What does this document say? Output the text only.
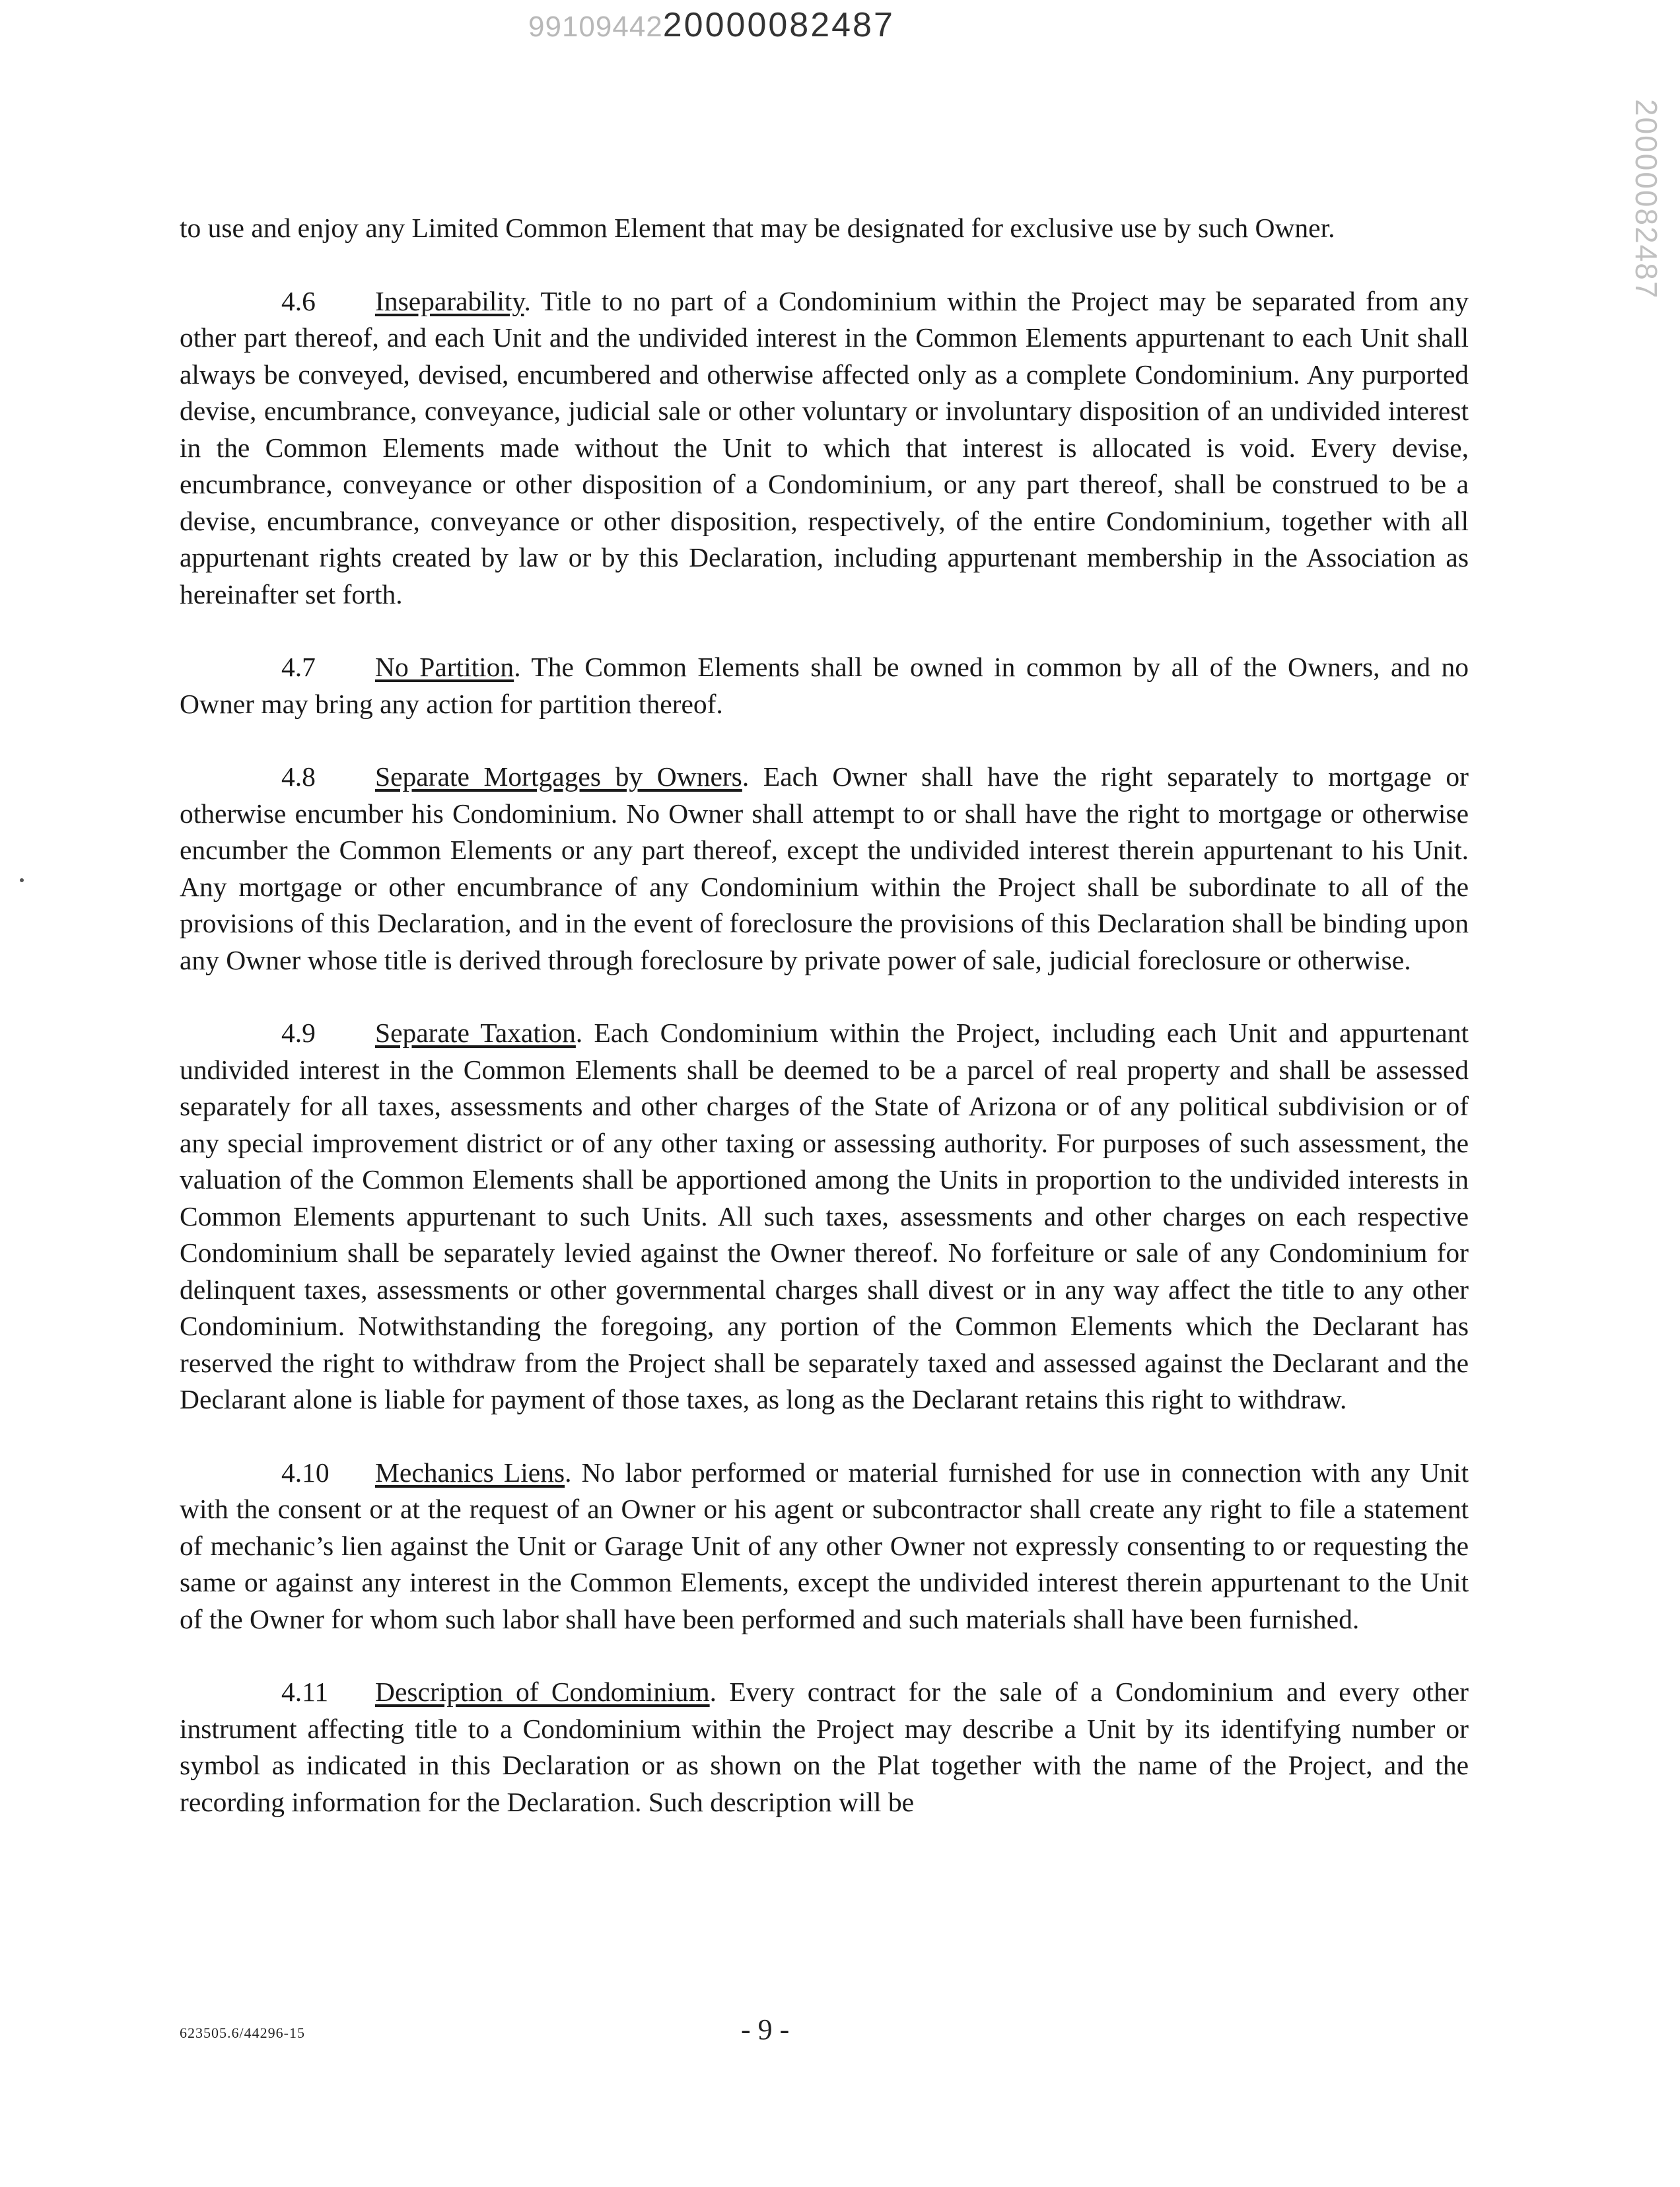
9910944220000082487
20000082487

to use and enjoy any Limited Common Element that may be designated for exclusive use by such Owner.

4.6 Inseparability. Title to no part of a Condominium within the Project may be separated from any other part thereof, and each Unit and the undivided interest in the Common Elements appurtenant to each Unit shall always be conveyed, devised, encumbered and otherwise affected only as a complete Condominium. Any purported devise, encumbrance, conveyance, judicial sale or other voluntary or involuntary disposition of an undivided interest in the Common Elements made without the Unit to which that interest is allocated is void. Every devise, encumbrance, conveyance or other disposition of a Condominium, or any part thereof, shall be construed to be a devise, encumbrance, conveyance or other disposition, respectively, of the entire Condominium, together with all appurtenant rights created by law or by this Declaration, including appurtenant membership in the Association as hereinafter set forth.

4.7 No Partition. The Common Elements shall be owned in common by all of the Owners, and no Owner may bring any action for partition thereof.

4.8 Separate Mortgages by Owners. Each Owner shall have the right separately to mortgage or otherwise encumber his Condominium. No Owner shall attempt to or shall have the right to mortgage or otherwise encumber the Common Elements or any part thereof, except the undivided interest therein appurtenant to his Unit. Any mortgage or other encumbrance of any Condominium within the Project shall be subordinate to all of the provisions of this Declaration, and in the event of foreclosure the provisions of this Declaration shall be binding upon any Owner whose title is derived through foreclosure by private power of sale, judicial foreclosure or otherwise.

4.9 Separate Taxation. Each Condominium within the Project, including each Unit and appurtenant undivided interest in the Common Elements shall be deemed to be a parcel of real property and shall be assessed separately for all taxes, assessments and other charges of the State of Arizona or of any political subdivision or of any special improvement district or of any other taxing or assessing authority. For purposes of such assessment, the valuation of the Common Elements shall be apportioned among the Units in proportion to the undivided interests in Common Elements appurtenant to such Units. All such taxes, assessments and other charges on each respective Condominium shall be separately levied against the Owner thereof. No forfeiture or sale of any Condominium for delinquent taxes, assessments or other governmental charges shall divest or in any way affect the title to any other Condominium. Notwithstanding the foregoing, any portion of the Common Elements which the Declarant has reserved the right to withdraw from the Project shall be separately taxed and assessed against the Declarant and the Declarant alone is liable for payment of those taxes, as long as the Declarant retains this right to withdraw.

4.10 Mechanics Liens. No labor performed or material furnished for use in connection with any Unit with the consent or at the request of an Owner or his agent or subcontractor shall create any right to file a statement of mechanic’s lien against the Unit or Garage Unit of any other Owner not expressly consenting to or requesting the same or against any interest in the Common Elements, except the undivided interest therein appurtenant to the Unit of the Owner for whom such labor shall have been performed and such materials shall have been furnished.

4.11 Description of Condominium. Every contract for the sale of a Condominium and every other instrument affecting title to a Condominium within the Project may describe a Unit by its identifying number or symbol as indicated in this Declaration or as shown on the Plat together with the name of the Project, and the recording information for the Declaration. Such description will be

623505.6/44296-15	- 9 -
